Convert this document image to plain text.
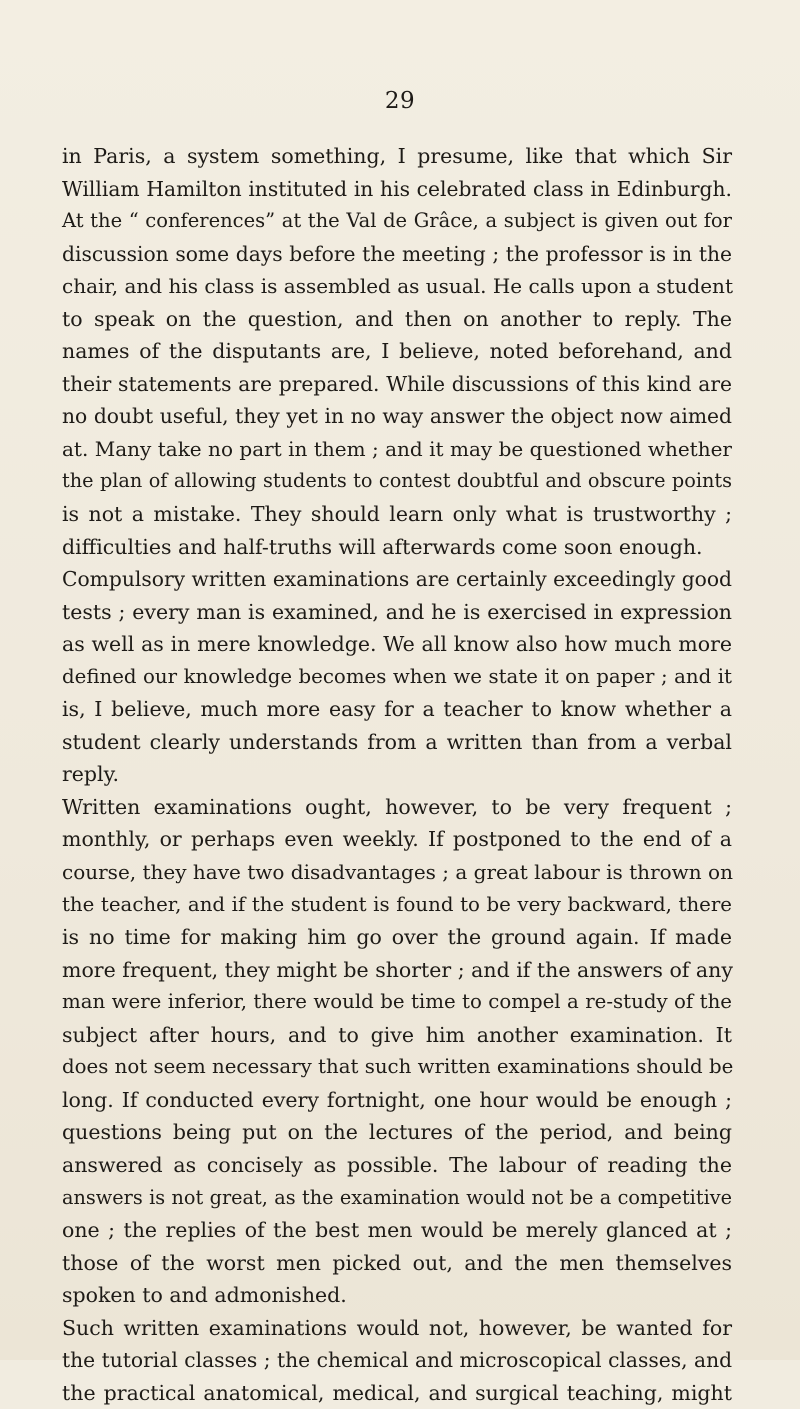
29
in Paris, a system something, I presume, like that which Sir
William Hamilton instituted in his celebrated class in Edinburgh.
At the “ conferences” at the Val de Grâce, a subject is given out for
discussion some days before the meeting ; the professor is in the
chair, and his class is assembled as usual. He calls upon a student
to speak on the question, and then on another to reply. The
names of the disputants are, I believe, noted beforehand, and
their statements are prepared. While discussions of this kind are
no doubt useful, they yet in no way answer the object now aimed
at. Many take no part in them ; and it may be questioned whether
the plan of allowing students to contest doubtful and obscure points
is not a mistake. They should learn only what is trustworthy ;
difficulties and half-truths will afterwards come soon enough.
Compulsory written examinations are certainly exceedingly good
tests ; every man is examined, and he is exercised in expression
as well as in mere knowledge. We all know also how much more
defined our knowledge becomes when we state it on paper ; and it
is, I believe, much more easy for a teacher to know whether a
student clearly understands from a written than from a verbal
reply.
Written examinations ought, however, to be very frequent ;
monthly, or perhaps even weekly. If postponed to the end of a
course, they have two disadvantages ; a great labour is thrown on
the teacher, and if the student is found to be very backward, there
is no time for making him go over the ground again. If made
more frequent, they might be shorter ; and if the answers of any
man were inferior, there would be time to compel a re-study of the
subject after hours, and to give him another examination. It
does not seem necessary that such written examinations should be
long. If conducted every fortnight, one hour would be enough ;
questions being put on the lectures of the period, and being
answered as concisely as possible. The labour of reading the
answers is not great, as the examination would not be a competitive
one ; the replies of the best men would be merely glanced at ;
those of the worst men picked out, and the men themselves
spoken to and admonished.
Such written examinations would not, however, be wanted for
the tutorial classes ; the chemical and microscopical classes, and
the practical anatomical, medical, and surgical teaching, might
